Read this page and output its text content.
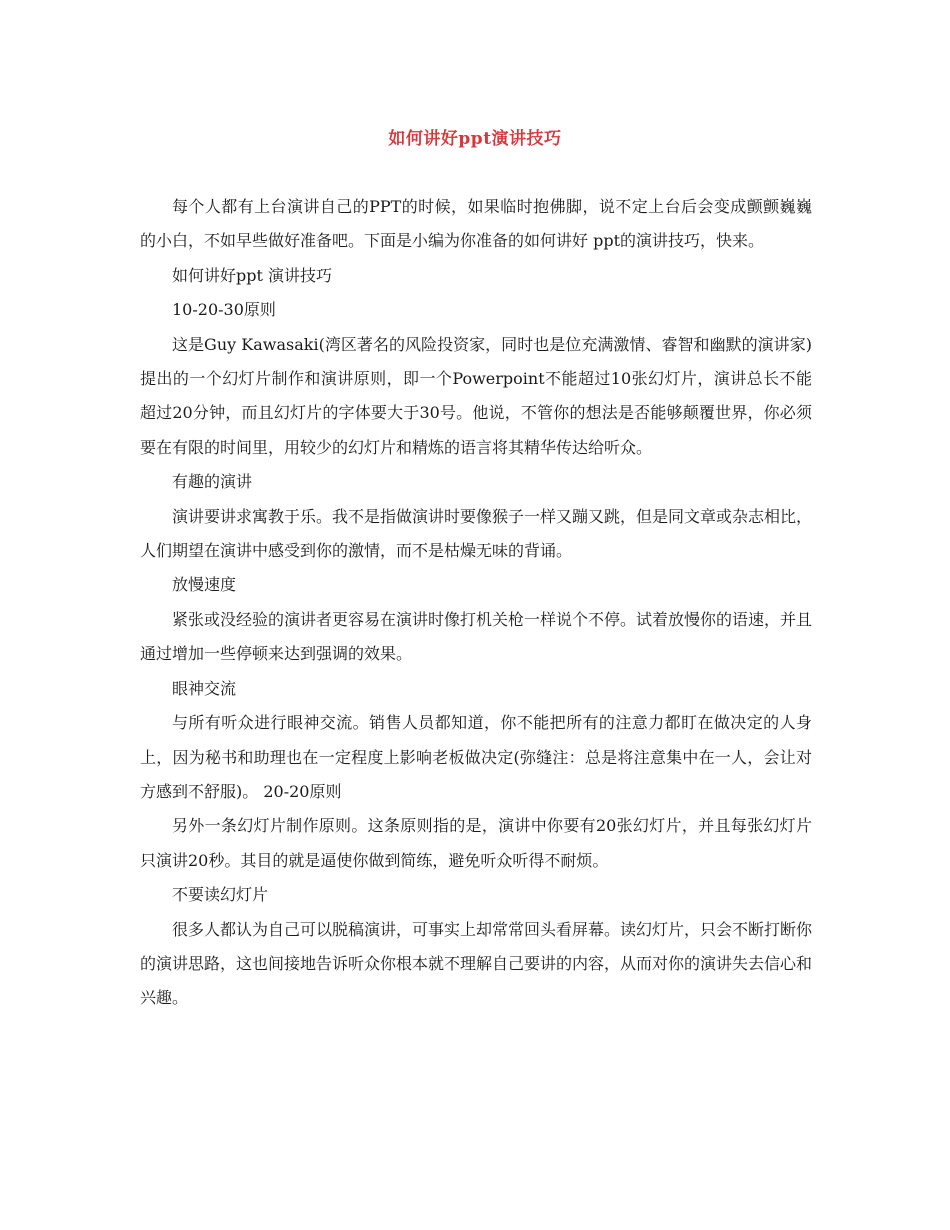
如何讲好ppt演讲技巧

每个人都有上台演讲自己的PPT的时候，如果临时抱佛脚，说不定上台后会变成颤颤巍巍的小白，不如早些做好准备吧。下面是小编为你准备的如何讲好 ppt的演讲技巧，快来。

如何讲好ppt 演讲技巧

10-20-30原则

这是Guy Kawasaki(湾区著名的风险投资家，同时也是位充满激情、睿智和幽默的演讲家)提出的一个幻灯片制作和演讲原则，即一个Powerpoint不能超过10张幻灯片，演讲总长不能超过20分钟，而且幻灯片的字体要大于30号。他说，不管你的想法是否能够颠覆世界，你必须要在有限的时间里，用较少的幻灯片和精炼的语言将其精华传达给听众。

有趣的演讲

演讲要讲求寓教于乐。我不是指做演讲时要像猴子一样又蹦又跳，但是同文章或杂志相比，人们期望在演讲中感受到你的激情，而不是枯燥无味的背诵。

放慢速度

紧张或没经验的演讲者更容易在演讲时像打机关枪一样说个不停。试着放慢你的语速，并且通过增加一些停顿来达到强调的效果。

眼神交流

与所有听众进行眼神交流。销售人员都知道，你不能把所有的注意力都盯在做决定的人身上，因为秘书和助理也在一定程度上影响老板做决定(弥缝注：总是将注意集中在一人，会让对方感到不舒服)。 20-20原则

另外一条幻灯片制作原则。这条原则指的是，演讲中你要有20张幻灯片，并且每张幻灯片只演讲20秒。其目的就是逼使你做到简练，避免听众听得不耐烦。

不要读幻灯片

很多人都认为自己可以脱稿演讲，可事实上却常常回头看屏幕。读幻灯片，只会不断打断你的演讲思路，这也间接地告诉听众你根本就不理解自己要讲的内容，从而对你的演讲失去信心和兴趣。
